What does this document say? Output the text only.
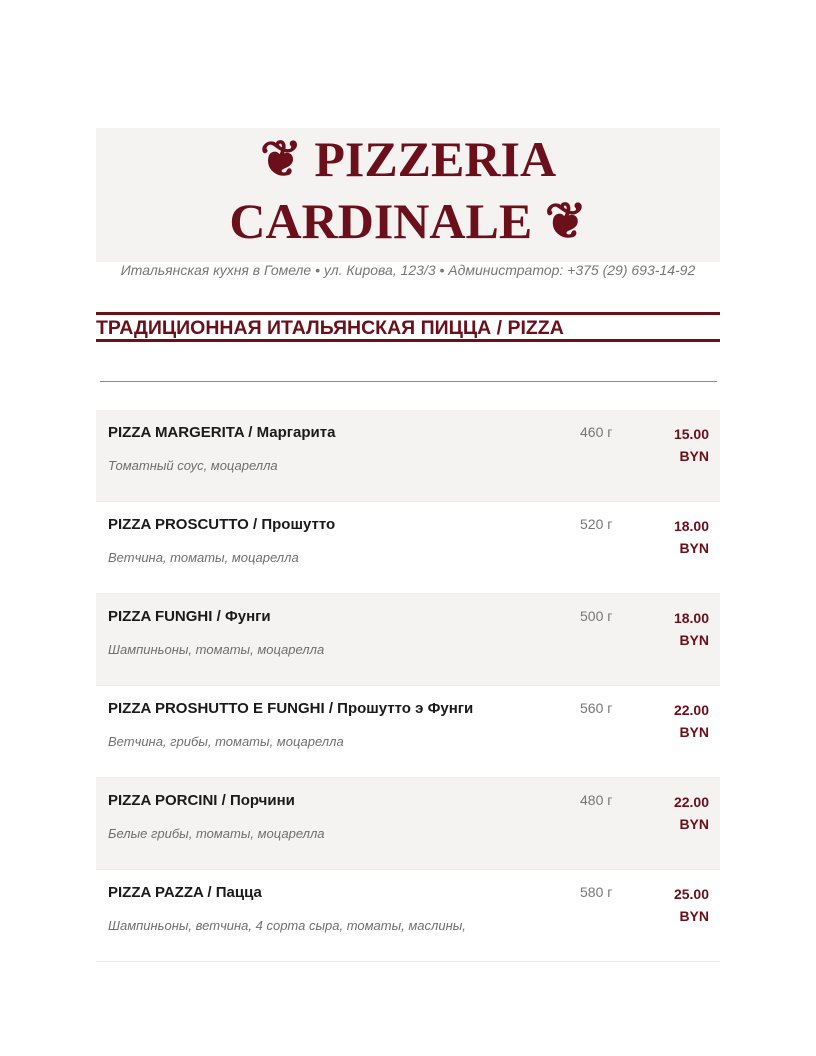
❦ PIZZERIA
CARDINALE ❦
Итальянская кухня в Гомеле • ул. Кирова, 123/3 • Администратор: +375 (29) 693-14-92
ТРАДИЦИОННАЯ ИТАЛЬЯНСКАЯ ПИЦЦА / PIZZA
PIZZA MARGERITA / Маргарита
Томатный соус, моцарелла
460 г	15.00
BYN
PIZZA PROSCUTTO / Прошутто
Ветчина, томаты, моцарелла
520 г	18.00
BYN
PIZZA FUNGHI / Фунги
Шампиньоны, томаты, моцарелла
500 г	18.00
BYN
PIZZA PROSHUTTO E FUNGHI / Прошутто э Фунги
Ветчина, грибы, томаты, моцарелла
560 г	22.00
BYN
PIZZA PORCINI / Порчини
Белые грибы, томаты, моцарелла
480 г	22.00
BYN
PIZZA PAZZA / Пацца
Шампиньоны, ветчина, 4 сорта сыра, томаты, маслины,
580 г	25.00
BYN
